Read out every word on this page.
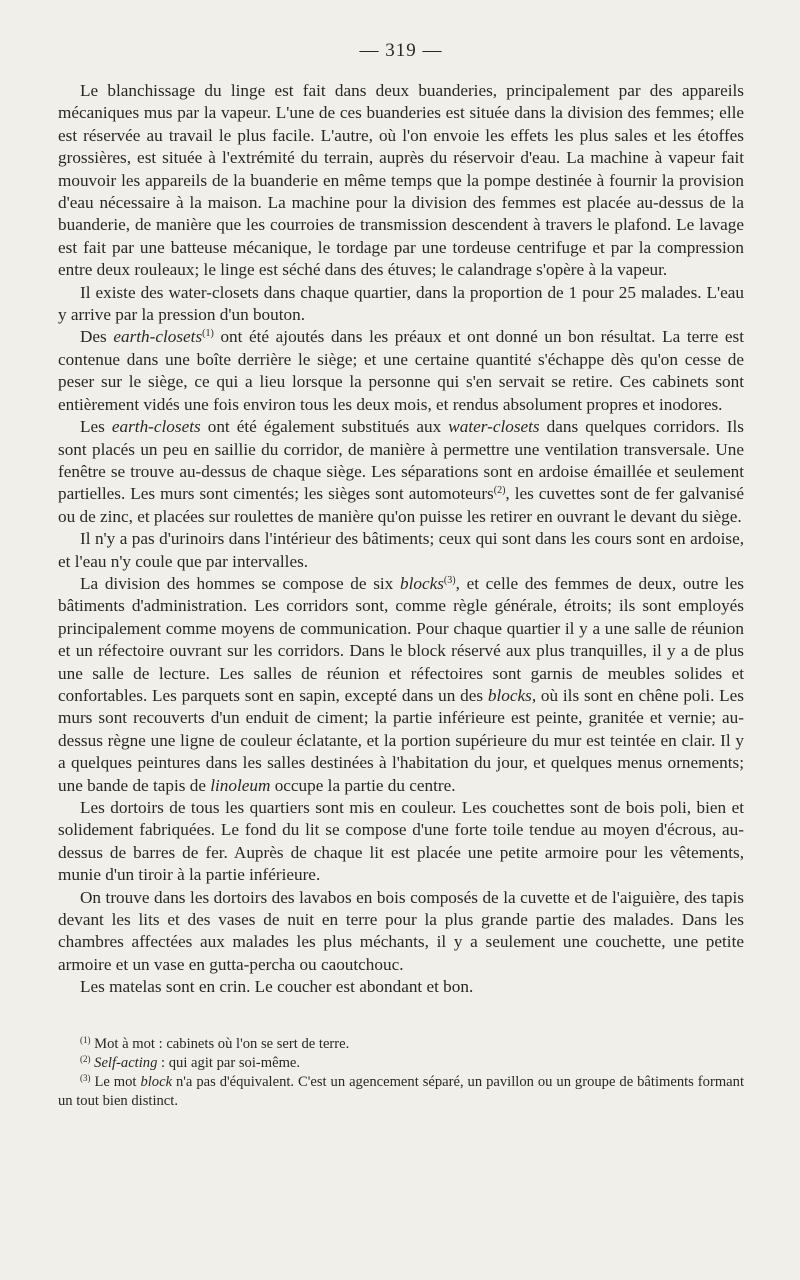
— 319 —

Le blanchissage du linge est fait dans deux buanderies, principalement par des appareils mécaniques mus par la vapeur. L'une de ces buanderies est située dans la division des femmes; elle est réservée au travail le plus facile. L'autre, où l'on envoie les effets les plus sales et les étoffes grossières, est située à l'extrémité du terrain, auprès du réservoir d'eau. La machine à vapeur fait mouvoir les appareils de la buanderie en même temps que la pompe destinée à fournir la provision d'eau nécessaire à la maison. La machine pour la division des femmes est placée au-dessus de la buanderie, de manière que les courroies de transmission descendent à travers le plafond. Le lavage est fait par une batteuse mécanique, le tordage par une tordeuse centrifuge et par la compression entre deux rouleaux; le linge est séché dans des étuves; le calandrage s'opère à la vapeur.

Il existe des water-closets dans chaque quartier, dans la proportion de 1 pour 25 malades. L'eau y arrive par la pression d'un bouton.

Des earth-closets$^{(1)}$ ont été ajoutés dans les préaux et ont donné un bon résultat. La terre est contenue dans une boîte derrière le siège; et une certaine quantité s'échappe dès qu'on cesse de peser sur le siège, ce qui a lieu lorsque la personne qui s'en servait se retire. Ces cabinets sont entièrement vidés une fois environ tous les deux mois, et rendus absolument propres et inodores.

Les earth-closets ont été également substitués aux water-closets dans quelques corridors. Ils sont placés un peu en saillie du corridor, de manière à permettre une ventilation transversale. Une fenêtre se trouve au-dessus de chaque siège. Les séparations sont en ardoise émaillée et seulement partielles. Les murs sont cimentés; les sièges sont automoteurs$^{(2)}$, les cuvettes sont de fer galvanisé ou de zinc, et placées sur roulettes de manière qu'on puisse les retirer en ouvrant le devant du siège.

Il n'y a pas d'urinoirs dans l'intérieur des bâtiments; ceux qui sont dans les cours sont en ardoise, et l'eau n'y coule que par intervalles.

La division des hommes se compose de six blocks$^{(3)}$, et celle des femmes de deux, outre les bâtiments d'administration. Les corridors sont, comme règle générale, étroits; ils sont employés principalement comme moyens de communication. Pour chaque quartier il y a une salle de réunion et un réfectoire ouvrant sur les corridors. Dans le block réservé aux plus tranquilles, il y a de plus une salle de lecture. Les salles de réunion et réfectoires sont garnis de meubles solides et confortables. Les parquets sont en sapin, excepté dans un des blocks, où ils sont en chêne poli. Les murs sont recouverts d'un enduit de ciment; la partie inférieure est peinte, granitée et vernie; au-dessus règne une ligne de couleur éclatante, et la portion supérieure du mur est teintée en clair. Il y a quelques peintures dans les salles destinées à l'habitation du jour, et quelques menus ornements; une bande de tapis de linoleum occupe la partie du centre.

Les dortoirs de tous les quartiers sont mis en couleur. Les couchettes sont de bois poli, bien et solidement fabriquées. Le fond du lit se compose d'une forte toile tendue au moyen d'écrous, au-dessus de barres de fer. Auprès de chaque lit est placée une petite armoire pour les vêtements, munie d'un tiroir à la partie inférieure.

On trouve dans les dortoirs des lavabos en bois composés de la cuvette et de l'aiguière, des tapis devant les lits et des vases de nuit en terre pour la plus grande partie des malades. Dans les chambres affectées aux malades les plus méchants, il y a seulement une couchette, une petite armoire et un vase en gutta-percha ou caoutchouc.

Les matelas sont en crin. Le coucher est abondant et bon.

$^{(1)}$ Mot à mot : cabinets où l'on se sert de terre.

$^{(2)}$ Self-acting : qui agit par soi-même.

$^{(3)}$ Le mot block n'a pas d'équivalent. C'est un agencement séparé, un pavillon ou un groupe de bâtiments formant un tout bien distinct.
